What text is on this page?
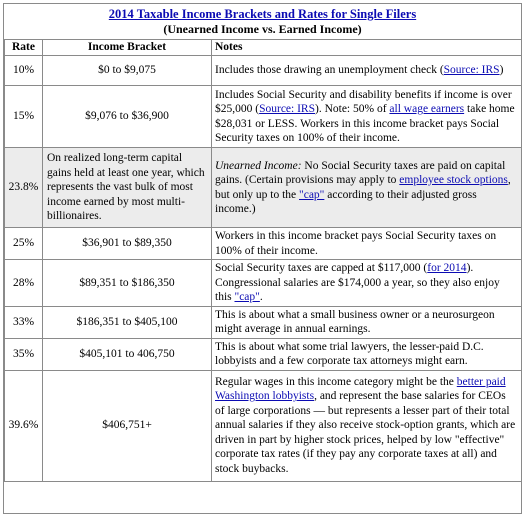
2014 Taxable Income Brackets and Rates for Single Filers
(Unearned Income vs. Earned Income)
Rate	Income Bracket	Notes
10%	$0 to $9,075	Includes those drawing an unemployment check (Source: IRS)
15%	$9,076 to $36,900	Includes Social Security and disability benefits if income is over $25,000 (Source: IRS). Note: 50% of all wage earners take home $28,031 or LESS. Workers in this income bracket pays Social Security taxes on 100% of their income.
23.8%	On realized long-term capital gains held at least one year, which represents the vast bulk of most income earned by most multi-billionaires.	Unearned Income: No Social Security taxes are paid on capital gains. (Certain provisions may apply to employee stock options, but only up to the "cap" according to their adjusted gross income.)
25%	$36,901 to $89,350	Workers in this income bracket pays Social Security taxes on 100% of their income.
28%	$89,351 to $186,350	Social Security taxes are capped at $117,000 (for 2014). Congressional salaries are $174,000 a year, so they also enjoy this "cap".
33%	$186,351 to $405,100	This is about what a small business owner or a neurosurgeon might average in annual earnings.
35%	$405,101 to 406,750	This is about what some trial lawyers, the lesser-paid D.C. lobbyists and a few corporate tax attorneys might earn.
39.6%	$406,751+	Regular wages in this income category might be the better paid Washington lobbyists, and represent the base salaries for CEOs of large corporations — but represents a lesser part of their total annual salaries if they also receive stock-option grants, which are driven in part by higher stock prices, helped by low "effective" corporate tax rates (if they pay any corporate taxes at all) and stock buybacks.
